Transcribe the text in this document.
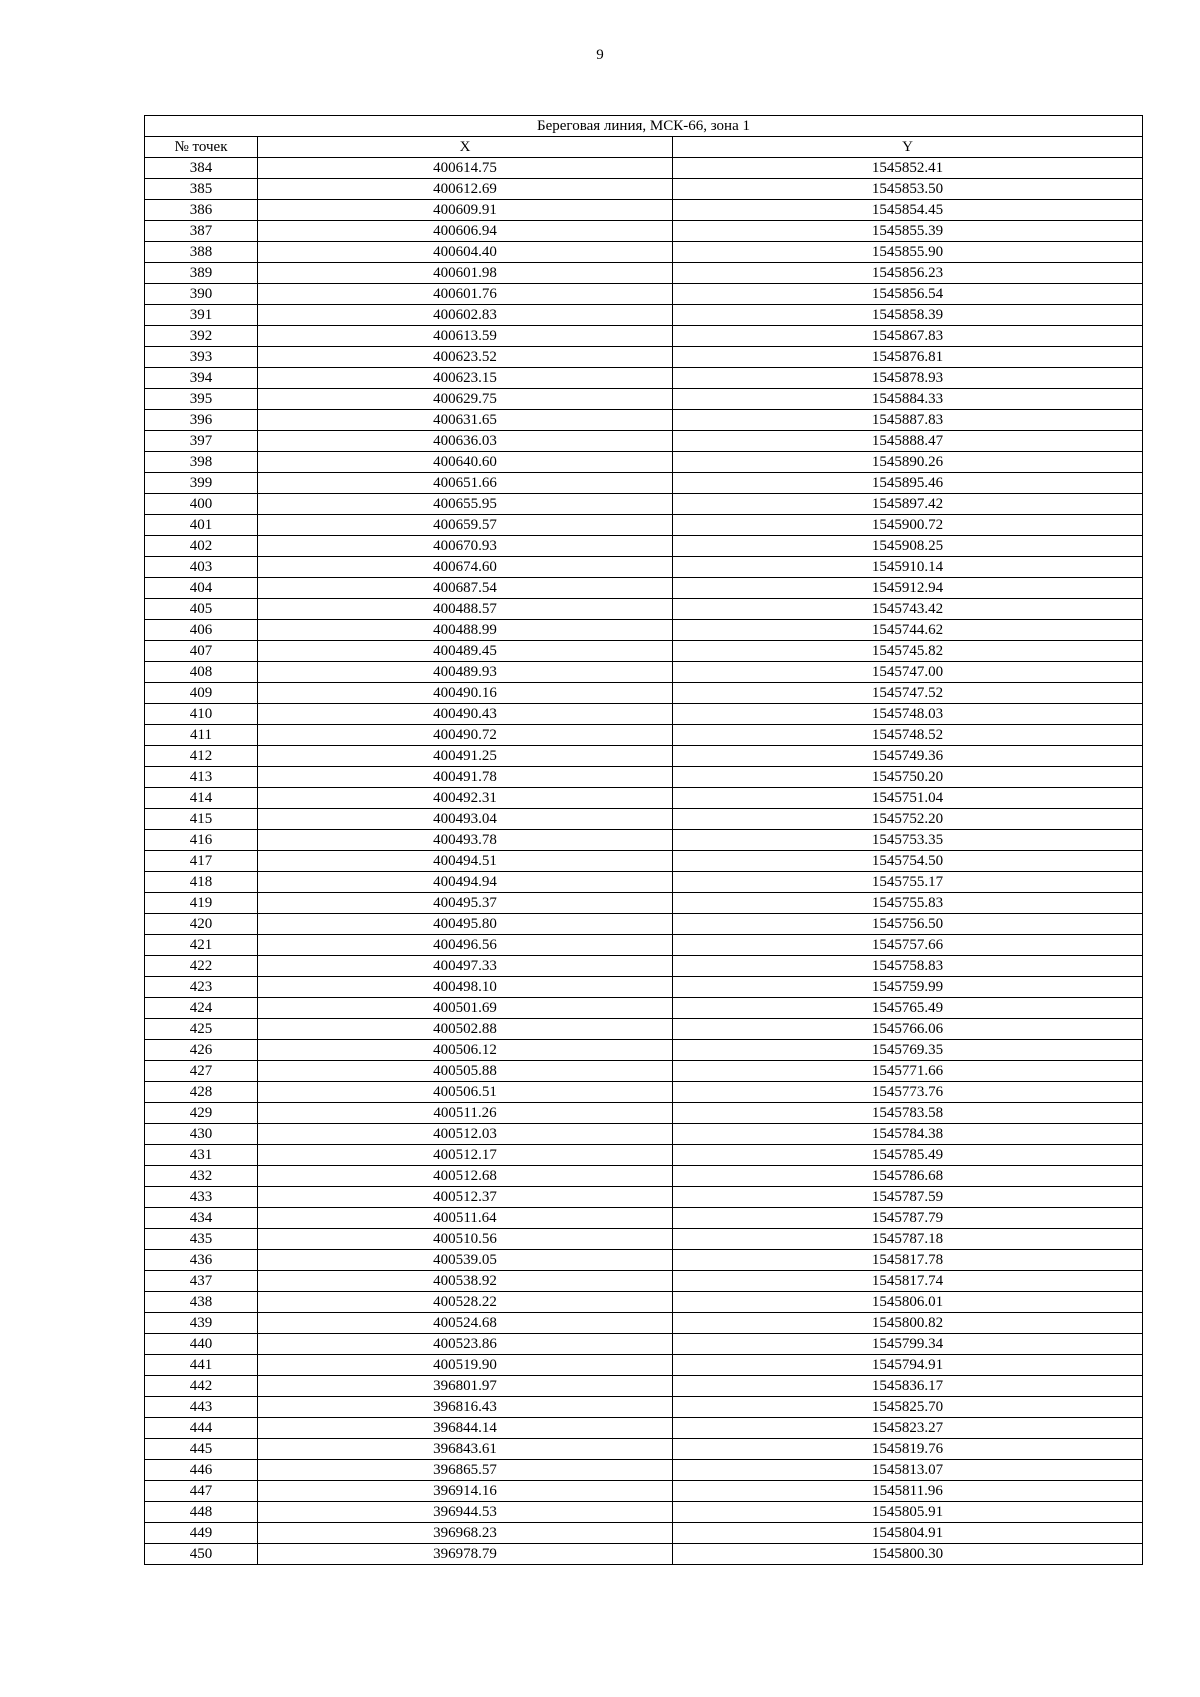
9
Береговая линия, МСК-66, зона 1		
№ точек	X	Y
384	400614.75	1545852.41
385	400612.69	1545853.50
386	400609.91	1545854.45
387	400606.94	1545855.39
388	400604.40	1545855.90
389	400601.98	1545856.23
390	400601.76	1545856.54
391	400602.83	1545858.39
392	400613.59	1545867.83
393	400623.52	1545876.81
394	400623.15	1545878.93
395	400629.75	1545884.33
396	400631.65	1545887.83
397	400636.03	1545888.47
398	400640.60	1545890.26
399	400651.66	1545895.46
400	400655.95	1545897.42
401	400659.57	1545900.72
402	400670.93	1545908.25
403	400674.60	1545910.14
404	400687.54	1545912.94
405	400488.57	1545743.42
406	400488.99	1545744.62
407	400489.45	1545745.82
408	400489.93	1545747.00
409	400490.16	1545747.52
410	400490.43	1545748.03
411	400490.72	1545748.52
412	400491.25	1545749.36
413	400491.78	1545750.20
414	400492.31	1545751.04
415	400493.04	1545752.20
416	400493.78	1545753.35
417	400494.51	1545754.50
418	400494.94	1545755.17
419	400495.37	1545755.83
420	400495.80	1545756.50
421	400496.56	1545757.66
422	400497.33	1545758.83
423	400498.10	1545759.99
424	400501.69	1545765.49
425	400502.88	1545766.06
426	400506.12	1545769.35
427	400505.88	1545771.66
428	400506.51	1545773.76
429	400511.26	1545783.58
430	400512.03	1545784.38
431	400512.17	1545785.49
432	400512.68	1545786.68
433	400512.37	1545787.59
434	400511.64	1545787.79
435	400510.56	1545787.18
436	400539.05	1545817.78
437	400538.92	1545817.74
438	400528.22	1545806.01
439	400524.68	1545800.82
440	400523.86	1545799.34
441	400519.90	1545794.91
442	396801.97	1545836.17
443	396816.43	1545825.70
444	396844.14	1545823.27
445	396843.61	1545819.76
446	396865.57	1545813.07
447	396914.16	1545811.96
448	396944.53	1545805.91
449	396968.23	1545804.91
450	396978.79	1545800.30
